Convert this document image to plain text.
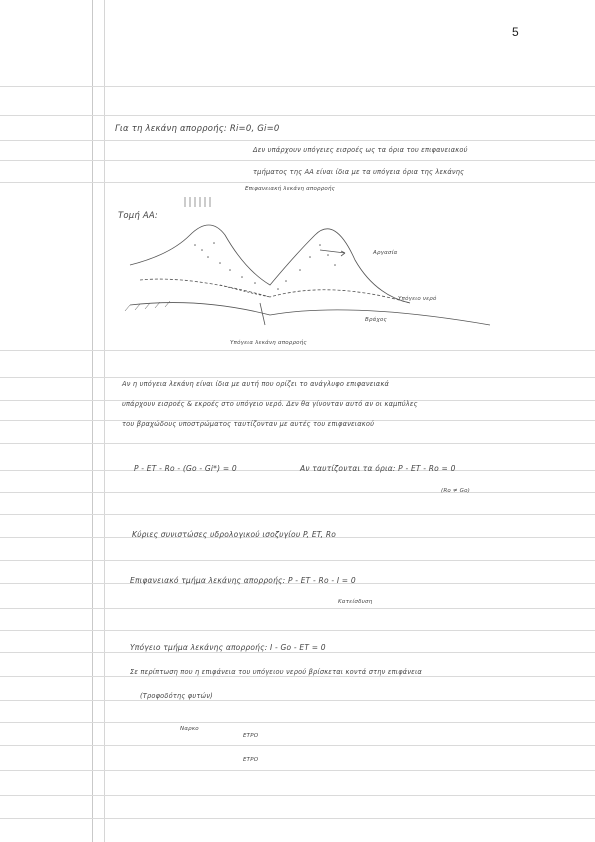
5
Για τη λεκάνη απορροής: Ri=0, Gi=0
Δεν υπάρχουν υπόγειες εισροές ως τα όρια του επιφανειακού
τμήματος της ΑΑ είναι ίδια με τα υπόγεια όρια της λεκάνης
Τομή ΑΑ:
Επιφανειακή λεκάνη απορροής
Αργασία
Υπόγειο νερό
Βράχος
Υπόγεια λεκάνη απορροής
Αν η υπόγεια λεκάνη είναι ίδια με αυτή που ορίζει το ανάγλυφο επιφανειακά
υπάρχουν εισροές & εκροές στο υπόγειο νερό. Δεν θα γίνονταν αυτό αν οι καμπύλες
του βραχώδους υποστρώματος ταυτίζονταν με αυτές του επιφανειακού
P - ET - Ro - (Go - Gi*) = 0	Αν ταυτίζονται τα όρια: P - ET - Ro = 0
(Ro ≠ Go)
Κύριες συνιστώσες υδρολογικού ισοζυγίου P, ET, Ro
Επιφανειακό τμήμα λεκάνης απορροής: P - ET - Ro - I = 0
Κατείσδυση
Υπόγειο τμήμα λεκάνης απορροής: I - Go - ET = 0
Σε περίπτωση που η επιφάνεια του υπόγειου νερού βρίσκεται κοντά στην επιφάνεια
(Τροφοδότης φυτών)
Ναρκο
ETPO
ETPO
